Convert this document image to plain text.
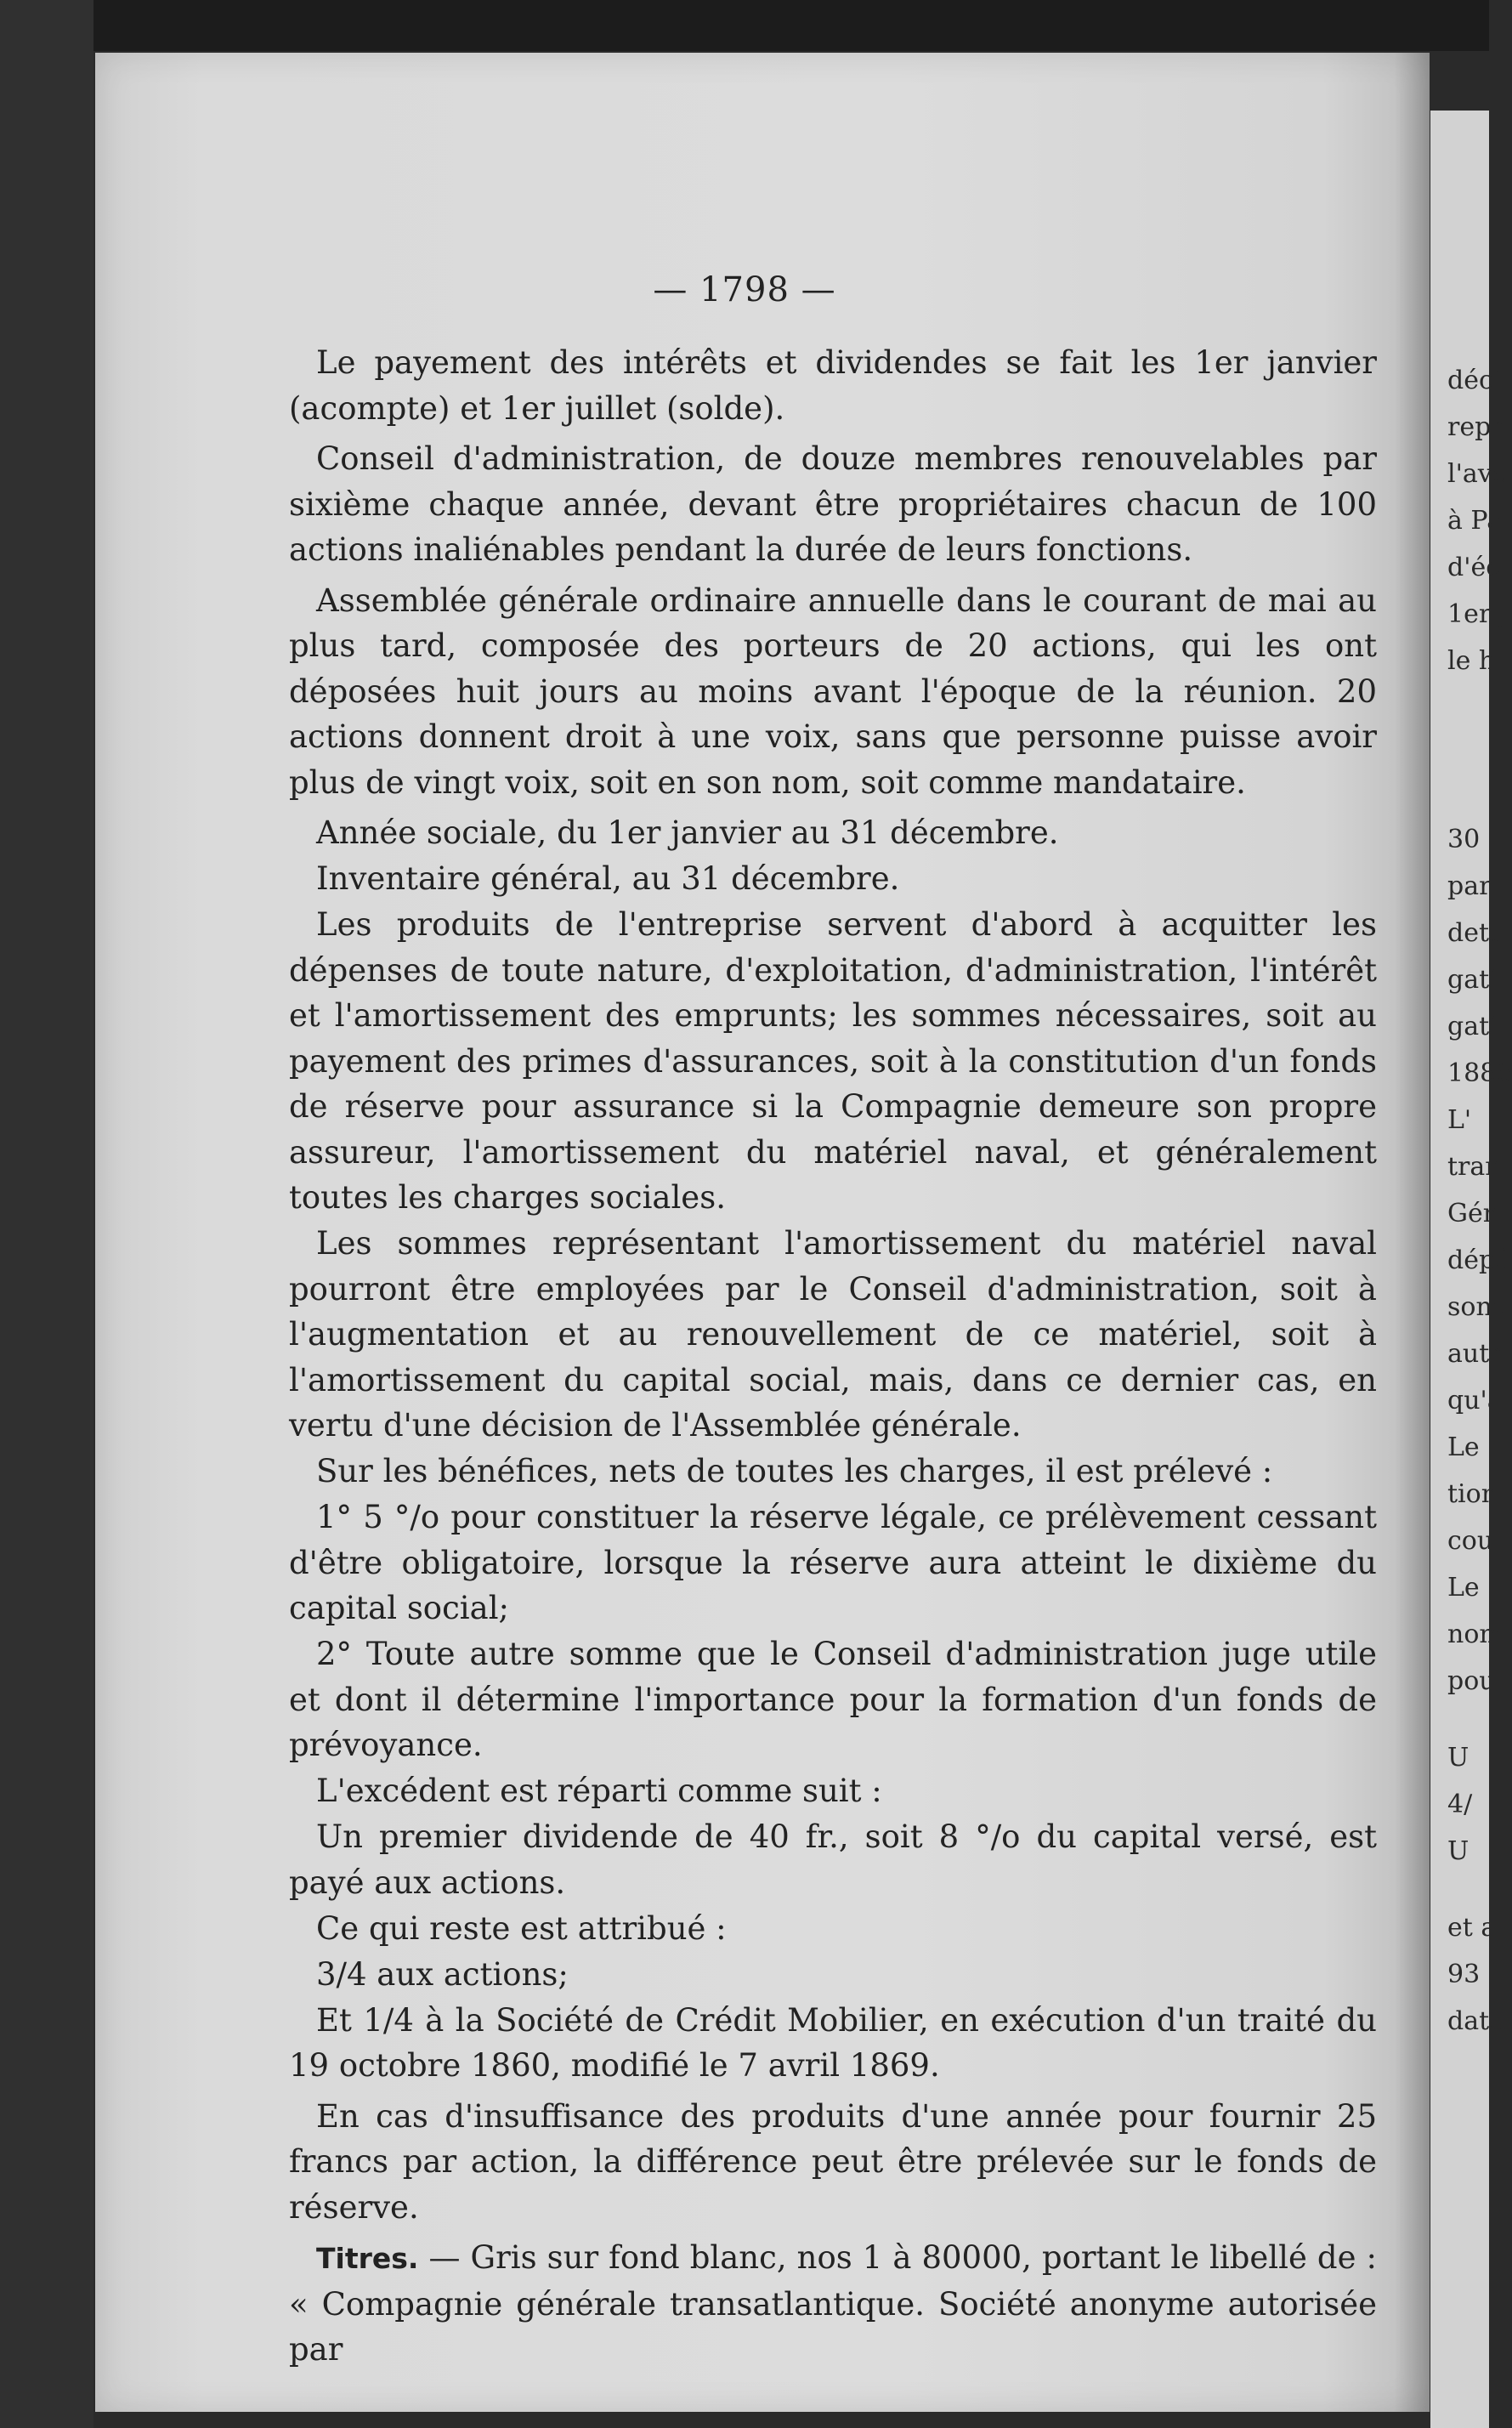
déci
repr
l'ave
à Pa
d'éc
1er j
le h
30
par
dett
gati
gati
1886
L'
tran
Gén
dépé
sont
autr
qu'a
Le
tion
cou
Le
nom
pou
U
4/
U
et a
93
date
— 1798 —

Le payement des intérêts et dividendes se fait les 1er janvier (acompte) et 1er juillet (solde).

Conseil d'administration, de douze membres renouvelables par sixième chaque année, devant être propriétaires chacun de 100 actions inaliénables pendant la durée de leurs fonctions.

Assemblée générale ordinaire annuelle dans le courant de mai au plus tard, composée des porteurs de 20 actions, qui les ont déposées huit jours au moins avant l'époque de la réunion. 20 actions donnent droit à une voix, sans que personne puisse avoir plus de vingt voix, soit en son nom, soit comme mandataire.

Année sociale, du 1er janvier au 31 décembre.

Inventaire général, au 31 décembre.

Les produits de l'entreprise servent d'abord à acquitter les dépenses de toute nature, d'exploitation, d'administration, l'intérêt et l'amortissement des emprunts; les sommes nécessaires, soit au payement des primes d'assurances, soit à la constitution d'un fonds de réserve pour assurance si la Compagnie demeure son propre assureur, l'amortissement du matériel naval, et généralement toutes les charges sociales.

Les sommes représentant l'amortissement du matériel naval pourront être employées par le Conseil d'administration, soit à l'augmentation et au renouvellement de ce matériel, soit à l'amortissement du capital social, mais, dans ce dernier cas, en vertu d'une décision de l'Assemblée générale.

Sur les bénéfices, nets de toutes les charges, il est prélevé :

1° 5 °/o pour constituer la réserve légale, ce prélèvement cessant d'être obligatoire, lorsque la réserve aura atteint le dixième du capital social;

2° Toute autre somme que le Conseil d'administration juge utile et dont il détermine l'importance pour la formation d'un fonds de prévoyance.

L'excédent est réparti comme suit :

Un premier dividende de 40 fr., soit 8 °/o du capital versé, est payé aux actions.

Ce qui reste est attribué :

3/4 aux actions;

Et 1/4 à la Société de Crédit Mobilier, en exécution d'un traité du 19 octobre 1860, modifié le 7 avril 1869.

En cas d'insuffisance des produits d'une année pour fournir 25 francs par action, la différence peut être prélevée sur le fonds de réserve.

Titres. — Gris sur fond blanc, nos 1 à 80000, portant le libellé de : « Compagnie générale transatlantique. Société anonyme autorisée par
